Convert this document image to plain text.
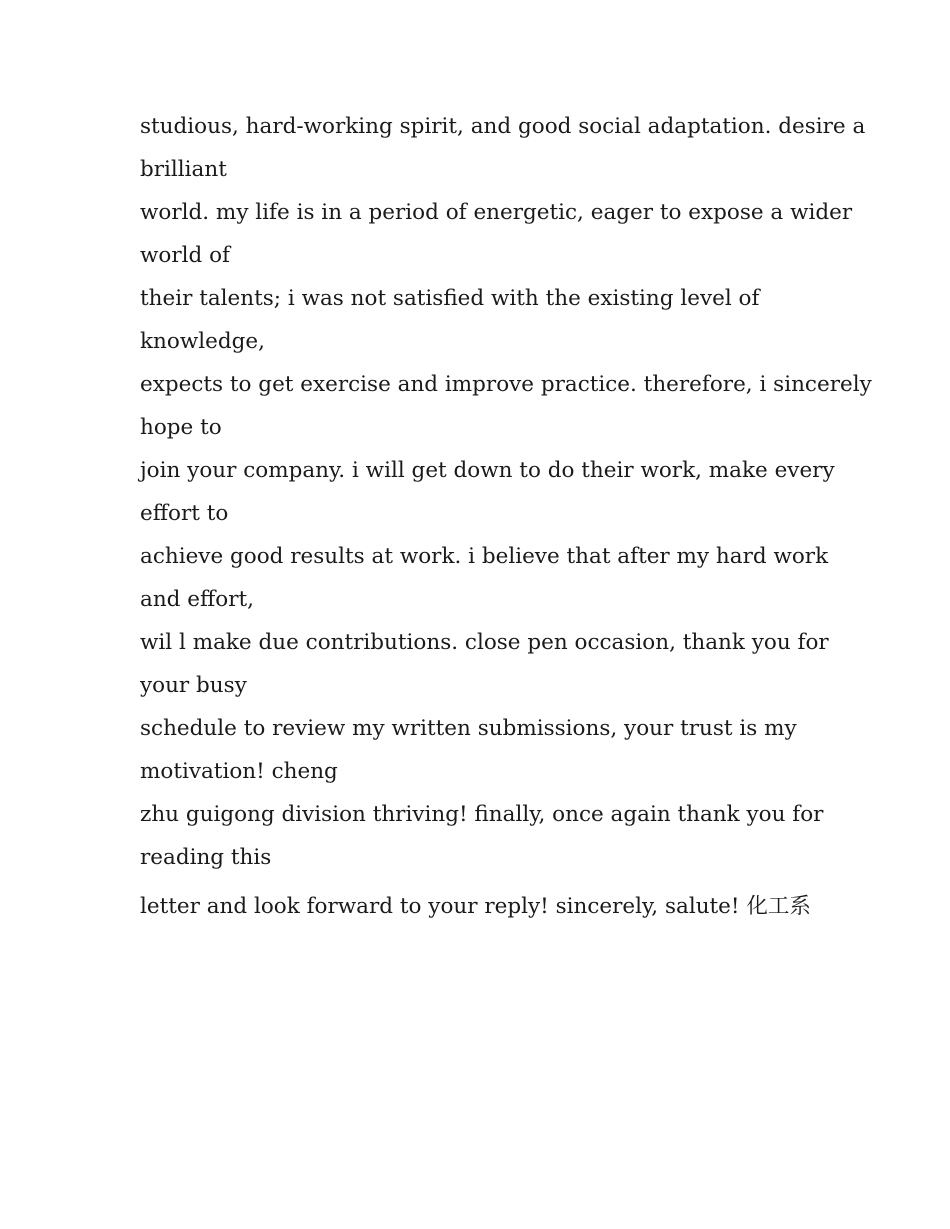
studious, hard-working spirit, and good social adaptation. desire a
brilliant
world. my life is in a period of energetic, eager to expose a wider
world of
their talents; i was not satisfied with the existing level of
knowledge,
expects to get exercise and improve practice. therefore, i sincerely
hope to
join your company. i will get down to do their work, make every
effort to
achieve good results at work. i believe that after my hard work
and effort,
wil l make due contributions. close pen occasion, thank you for
your busy
schedule to review my written submissions, your trust is my
motivation! cheng
zhu guigong division thriving! finally, once again thank you for
reading this
letter and look forward to your reply! sincerely, salute! 化工系
